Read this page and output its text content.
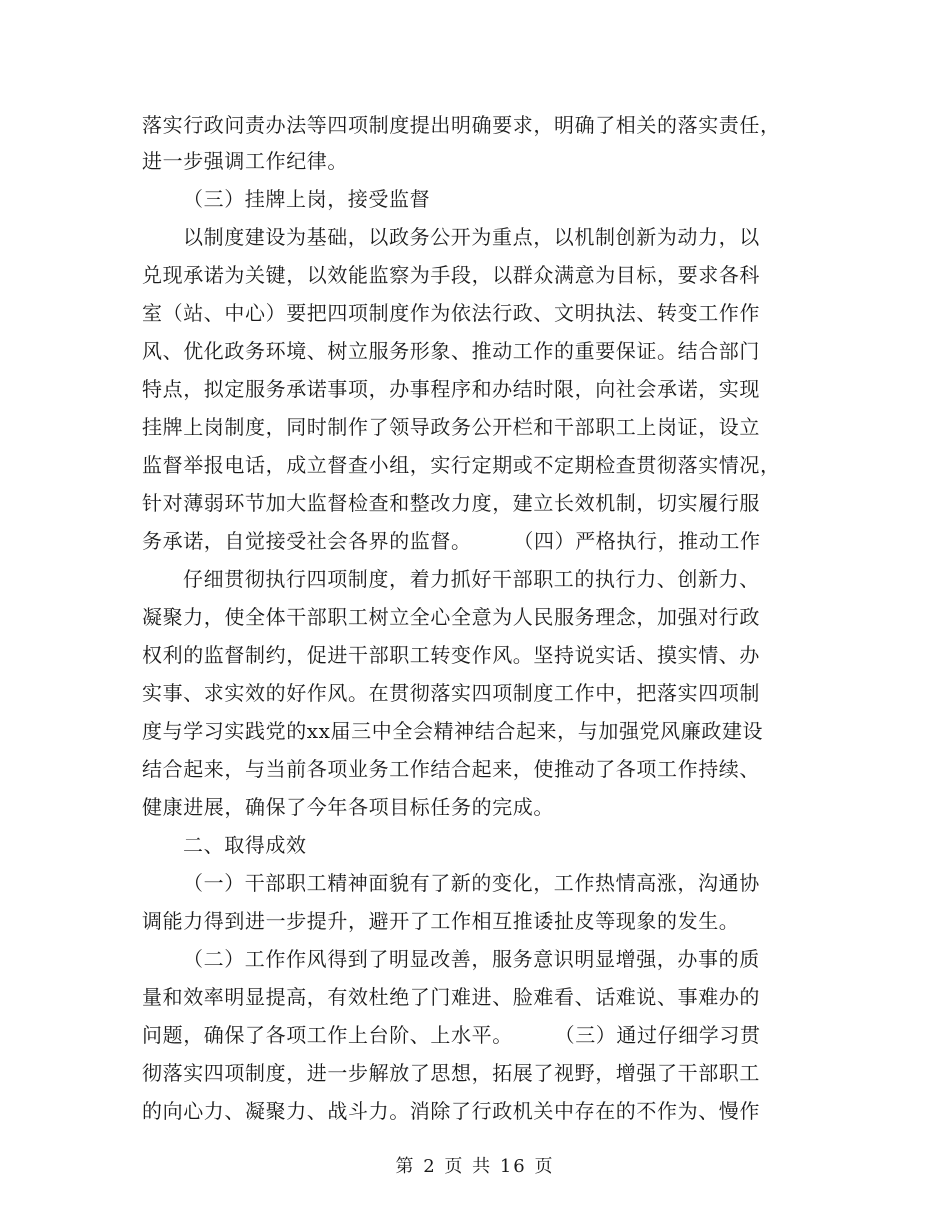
落实行政问责办法等四项制度提出明确要求，明确了相关的落实责任，
进一步强调工作纪律。
（三）挂牌上岗，接受监督
以制度建设为基础，以政务公开为重点，以机制创新为动力，以
兑现承诺为关键，以效能监察为手段，以群众满意为目标，要求各科
室（站、中心）要把四项制度作为依法行政、文明执法、转变工作作
风、优化政务环境、树立服务形象、推动工作的重要保证。结合部门
特点，拟定服务承诺事项，办事程序和办结时限，向社会承诺，实现
挂牌上岗制度，同时制作了领导政务公开栏和干部职工上岗证，设立
监督举报电话，成立督查小组，实行定期或不定期检查贯彻落实情况，
针对薄弱环节加大监督检查和整改力度，建立长效机制，切实履行服
务承诺，自觉接受社会各界的监督。　　　（四）严格执行，推动工作
仔细贯彻执行四项制度，着力抓好干部职工的执行力、创新力、
凝聚力，使全体干部职工树立全心全意为人民服务理念，加强对行政
权利的监督制约，促进干部职工转变作风。坚持说实话、摸实情、办
实事、求实效的好作风。在贯彻落实四项制度工作中，把落实四项制
度与学习实践党的xx届三中全会精神结合起来，与加强党风廉政建设
结合起来，与当前各项业务工作结合起来，使推动了各项工作持续、
健康进展，确保了今年各项目标任务的完成。
二、取得成效
（一）干部职工精神面貌有了新的变化，工作热情高涨，沟通协
调能力得到进一步提升，避开了工作相互推诿扯皮等现象的发生。
（二）工作作风得到了明显改善，服务意识明显增强，办事的质
量和效率明显提高，有效杜绝了门难进、脸难看、话难说、事难办的
问题，确保了各项工作上台阶、上水平。　　　（三）通过仔细学习贯
彻落实四项制度，进一步解放了思想，拓展了视野，增强了干部职工
的向心力、凝聚力、战斗力。消除了行政机关中存在的不作为、慢作
第 2 页 共 16 页
